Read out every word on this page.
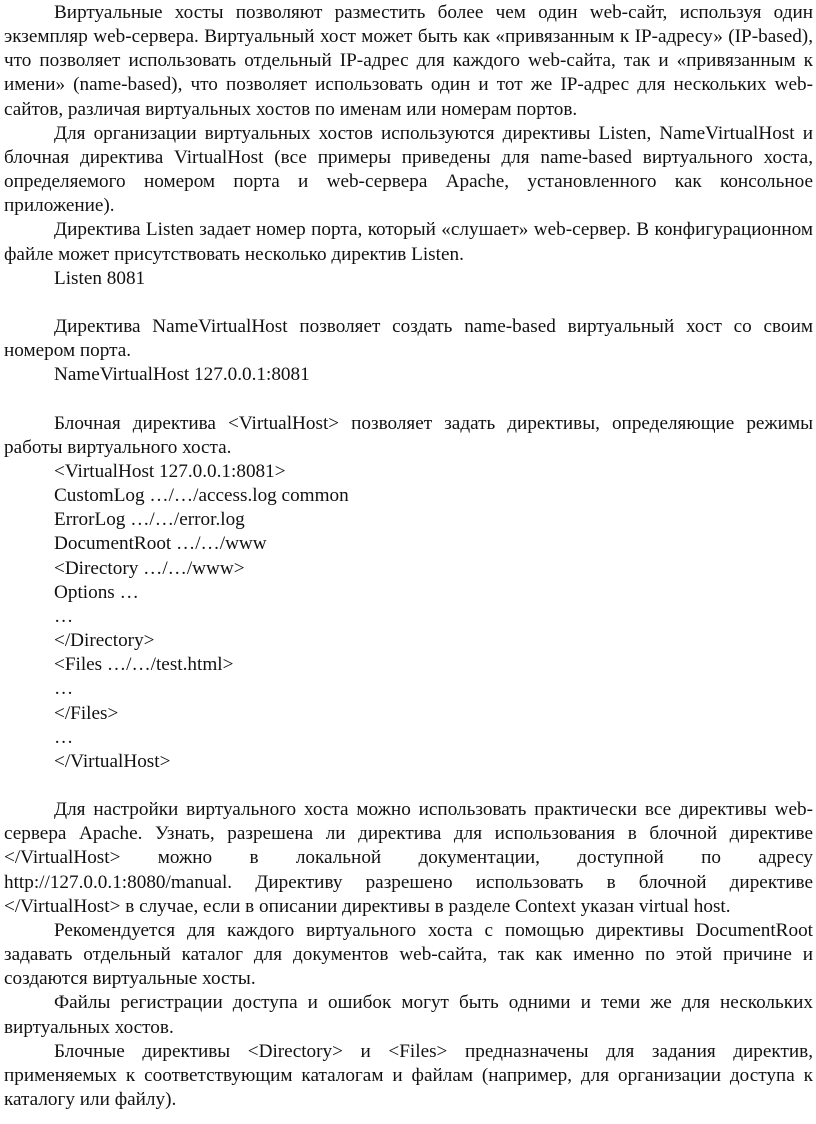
Виртуальные хосты позволяют разместить более чем один web-сайт, используя один экземпляр web-сервера. Виртуальный хост может быть как «привязанным к IP-адресу» (IP-based), что позволяет использовать отдельный IP-адрес для каждого web-сайта, так и «привязанным к имени» (name-based), что позволяет использовать один и тот же IP-адрес для нескольких web-сайтов, различая виртуальных хостов по именам или номерам портов.

Для организации виртуальных хостов используются директивы Listen, NameVirtualHost и блочная директива VirtualHost (все примеры приведены для name-based виртуального хоста, определяемого номером порта и web-сервера Apache, установленного как консольное приложение).

Директива Listen задает номер порта, который «слушает» web-сервер. В конфигурационном файле может присутствовать несколько директив Listen.

Listen 8081

Директива NameVirtualHost позволяет создать name-based виртуальный хост со своим номером порта.

NameVirtualHost 127.0.0.1:8081

Блочная директива <VirtualHost> позволяет задать директивы, определяющие режимы работы виртуального хоста.

<VirtualHost 127.0.0.1:8081>
CustomLog …/…/access.log common
ErrorLog …/…/error.log
DocumentRoot …/…/www
<Directory …/…/www>
Options …
…
</Directory>
<Files …/…/test.html>
…
</Files>
…
</VirtualHost>

Для настройки виртуального хоста можно использовать практически все директивы web-сервера Apache. Узнать, разрешена ли директива для использования в блочной директиве </VirtualHost> можно в локальной документации, доступной по адресу http://127.0.0.1:8080/manual. Директиву разрешено использовать в блочной директиве </VirtualHost> в случае, если в описании директивы в разделе Context указан virtual host.

Рекомендуется для каждого виртуального хоста с помощью директивы DocumentRoot задавать отдельный каталог для документов web-сайта, так как именно по этой причине и создаются виртуальные хосты.

Файлы регистрации доступа и ошибок могут быть одними и теми же для нескольких виртуальных хостов.

Блочные директивы <Directory> и <Files> предназначены для задания директив, применяемых к соответствующим каталогам и файлам (например, для организации доступа к каталогу или файлу).
